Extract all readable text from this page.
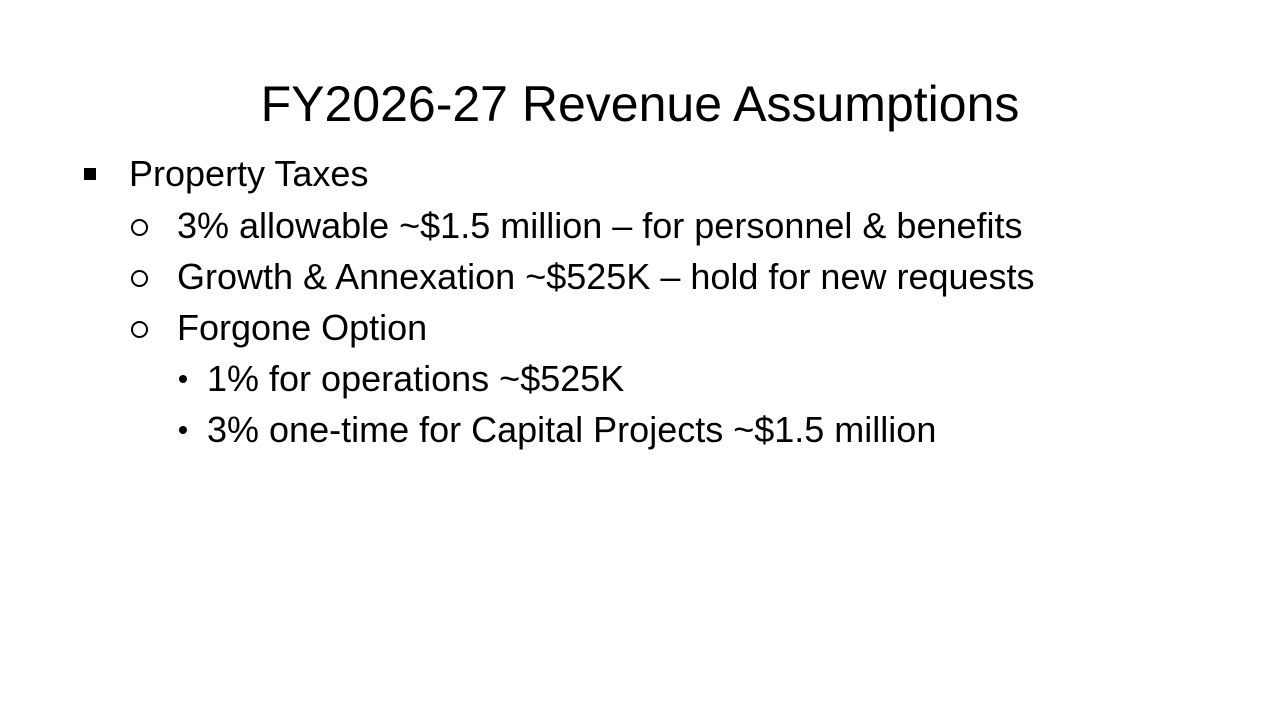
FY2026-27 Revenue Assumptions
Property Taxes
3% allowable ~$1.5 million – for personnel & benefits
Growth & Annexation ~$525K – hold for new requests
Forgone Option
1% for operations ~$525K
3% one-time for Capital Projects ~$1.5 million
